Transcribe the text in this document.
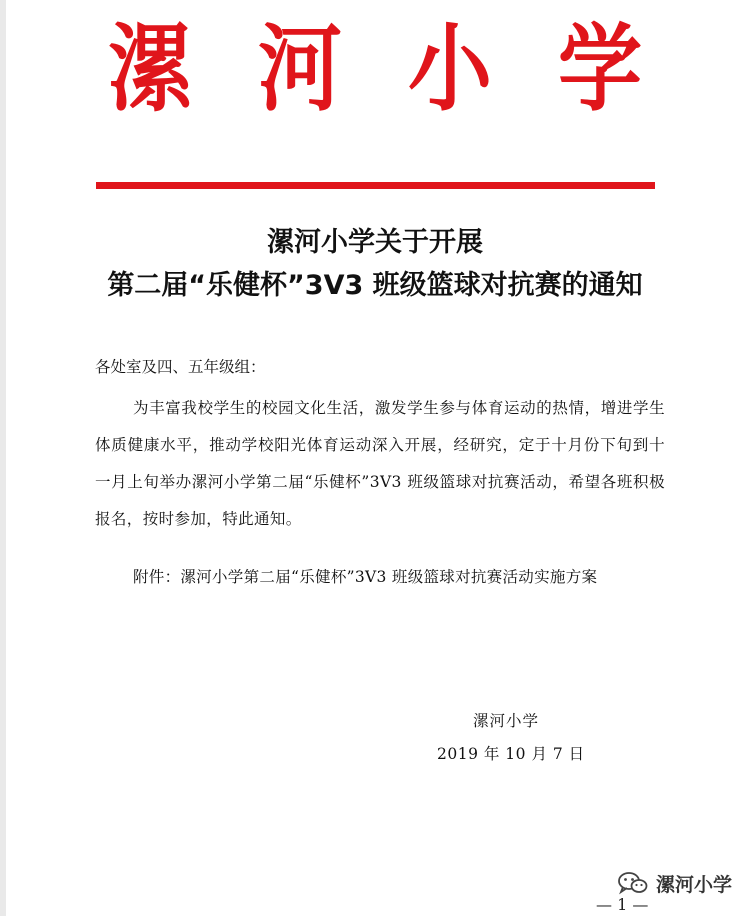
漯 河 小 学
漯河小学关于开展
第二届“乐健杯”3V3 班级篮球对抗赛的通知
各处室及四、五年级组：
为丰富我校学生的校园文化生活，激发学生参与体育运动的热情，增进学生体质健康水平，推动学校阳光体育运动深入开展，经研究，定于十月份下旬到十一月上旬举办漯河小学第二届“乐健杯”3V3 班级篮球对抗赛活动，希望各班积极报名，按时参加，特此通知。
附件：漯河小学第二届“乐健杯”3V3 班级篮球对抗赛活动实施方案
漯河小学
2019 年 10 月 7 日
漯河小学
— 1 —
